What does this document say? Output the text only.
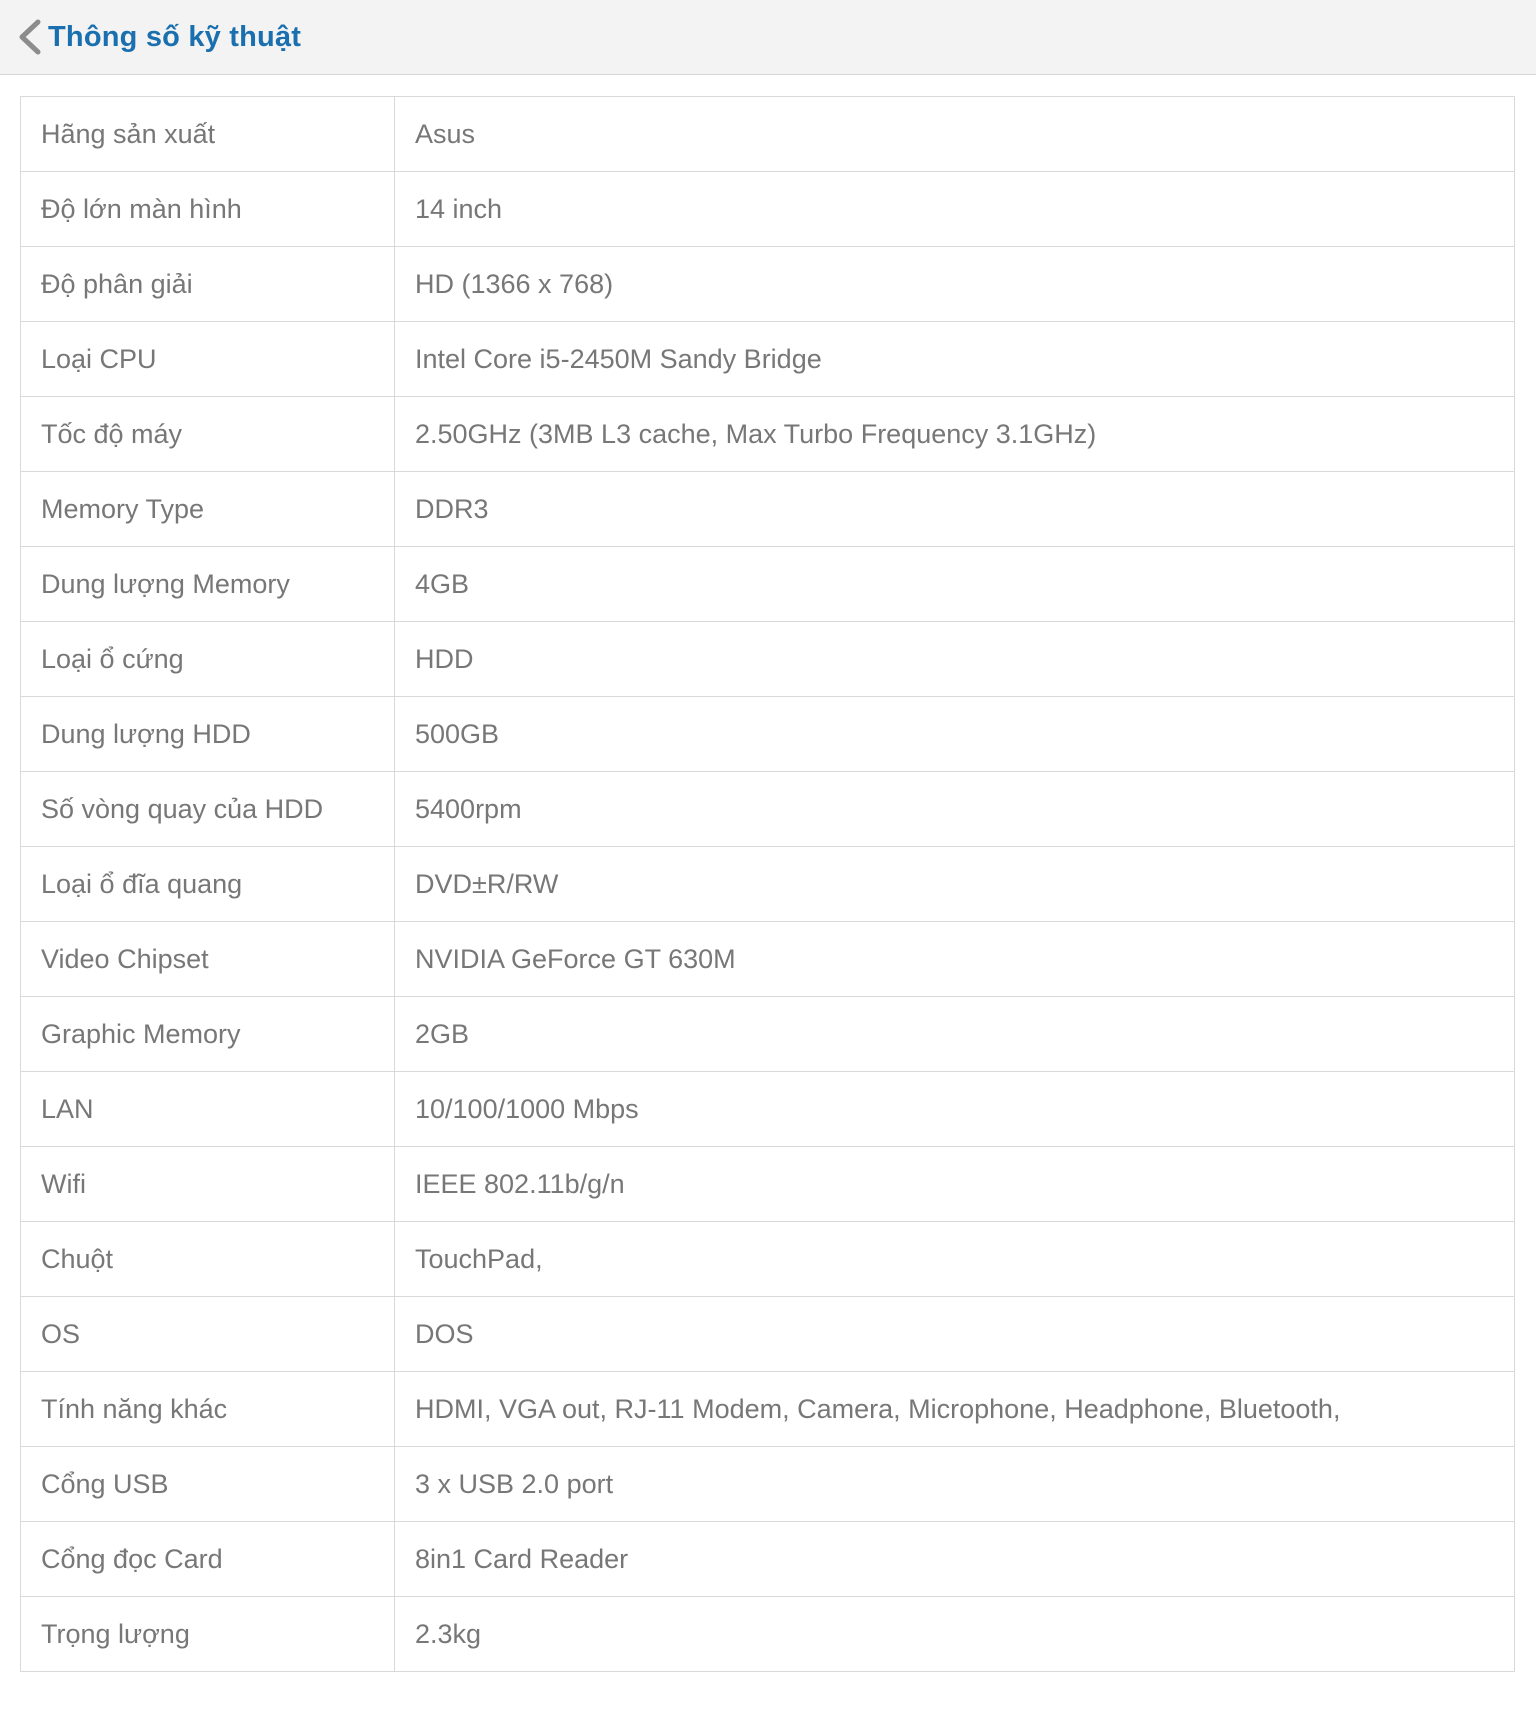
Thông số kỹ thuật
Hãng sản xuất	Asus
Độ lớn màn hình	14 inch
Độ phân giải	HD (1366 x 768)
Loại CPU	Intel Core i5-2450M Sandy Bridge
Tốc độ máy	2.50GHz (3MB L3 cache, Max Turbo Frequency 3.1GHz)
Memory Type	DDR3
Dung lượng Memory	4GB
Loại ổ cứng	HDD
Dung lượng HDD	500GB
Số vòng quay của HDD	5400rpm
Loại ổ đĩa quang	DVD±R/RW
Video Chipset	NVIDIA GeForce GT 630M
Graphic Memory	2GB
LAN	10/100/1000 Mbps
Wifi	IEEE 802.11b/g/n
Chuột	TouchPad,
OS	DOS
Tính năng khác	HDMI, VGA out, RJ-11 Modem, Camera, Microphone, Headphone, Bluetooth,
Cổng USB	3 x USB 2.0 port
Cổng đọc Card	8in1 Card Reader
Trọng lượng	2.3kg
